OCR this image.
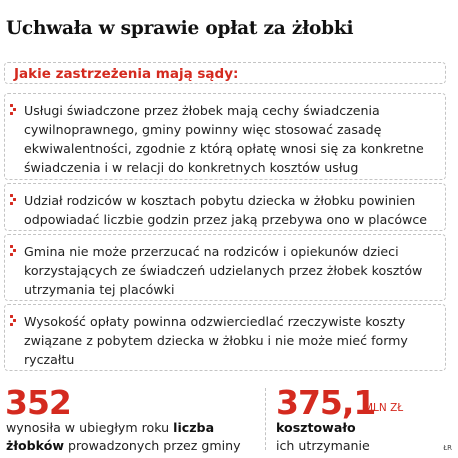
Uchwała w sprawie opłat za żłobki
Jakie zastrzeżenia mają sądy:
Usługi świadczone przez żłobek mają cechy świadczenia cywilnoprawnego, gminy powinny więc stosować zasadę ekwiwalentności, zgodnie z którą opłatę wnosi się za konkretne świadczenia i w relacji do konkretnych kosztów usług
Udział rodziców w kosztach pobytu dziecka w żłobku powinien odpowiadać liczbie godzin przez jaką przebywa ono w placówce
Gmina nie może przerzucać na rodziców i opiekunów dzieci korzystających ze świadczeń udzielanych przez żłobek kosztów utrzymania tej placówki
Wysokość opłaty powinna odzwierciedlać rzeczywiste koszty związane z pobytem dziecka w żłobku i nie może mieć formy ryczałtu
352
wynosiła w ubiegłym roku liczba
żłobków prowadzonych przez gminy
375,1
MLN ZŁ
kosztowało
ich utrzymanie	ŁR
